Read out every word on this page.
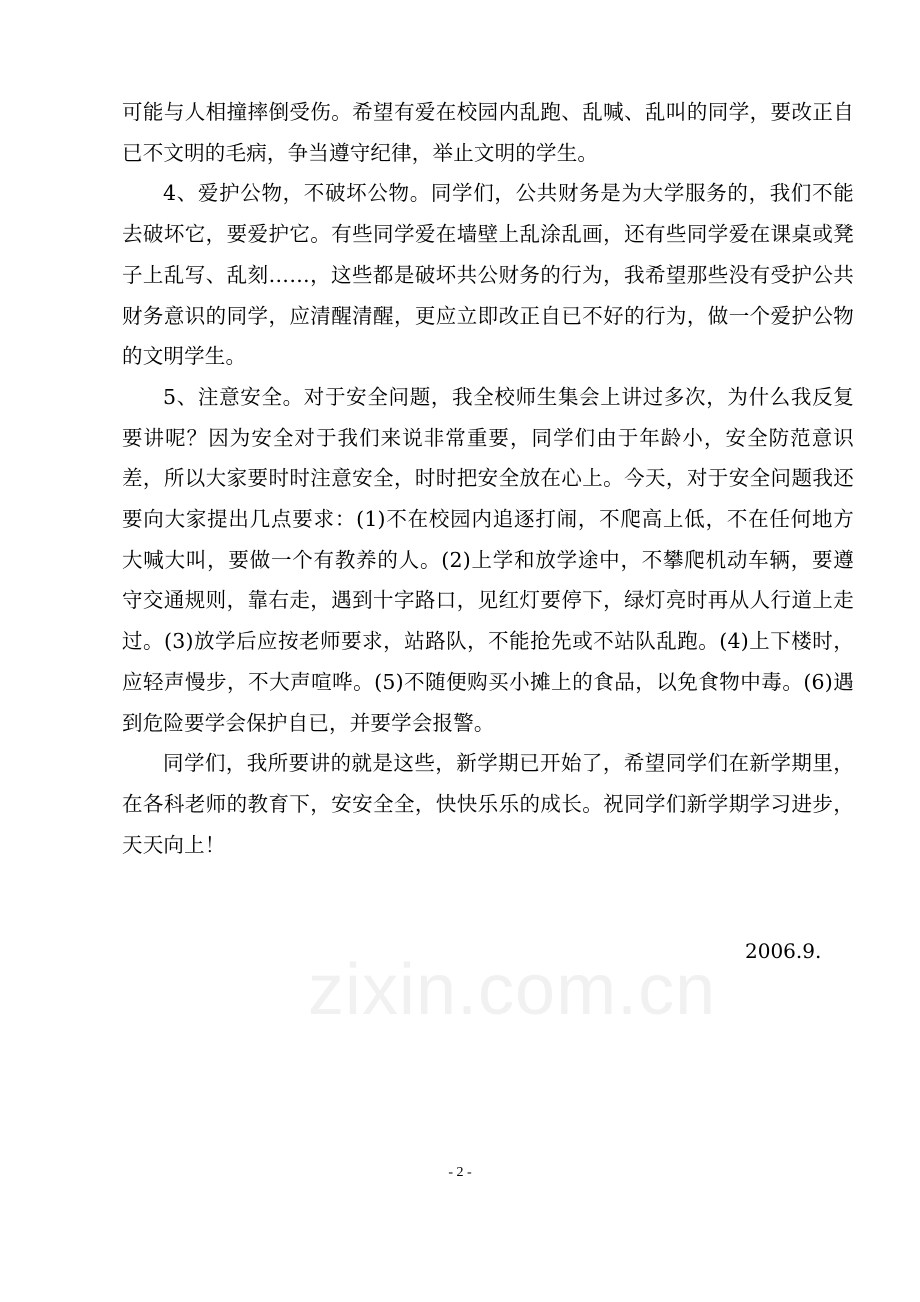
可能与人相撞摔倒受伤。希望有爱在校园内乱跑、乱喊、乱叫的同学，要改正自已不文明的毛病，争当遵守纪律，举止文明的学生。

4、爱护公物，不破坏公物。同学们，公共财务是为大学服务的，我们不能去破坏它，要爱护它。有些同学爱在墙壁上乱涂乱画，还有些同学爱在课桌或凳子上乱写、乱刻……，这些都是破坏共公财务的行为，我希望那些没有受护公共财务意识的同学，应清醒清醒，更应立即改正自已不好的行为，做一个爱护公物的文明学生。

5、注意安全。对于安全问题，我全校师生集会上讲过多次，为什么我反复要讲呢？因为安全对于我们来说非常重要，同学们由于年龄小，安全防范意识差，所以大家要时时注意安全，时时把安全放在心上。今天，对于安全问题我还要向大家提出几点要求：(1)不在校园内追逐打闹，不爬高上低，不在任何地方大喊大叫，要做一个有教养的人。(2)上学和放学途中，不攀爬机动车辆，要遵守交通规则，靠右走，遇到十字路口，见红灯要停下，绿灯亮时再从人行道上走过。(3)放学后应按老师要求，站路队，不能抢先或不站队乱跑。(4)上下楼时，应轻声慢步，不大声喧哗。(5)不随便购买小摊上的食品，以免食物中毒。(6)遇到危险要学会保护自已，并要学会报警。

同学们，我所要讲的就是这些，新学期已开始了，希望同学们在新学期里，在各科老师的教育下，安安全全，快快乐乐的成长。祝同学们新学期学习进步，天天向上！

2006.9.
zixin.com.cn
- 2 -
